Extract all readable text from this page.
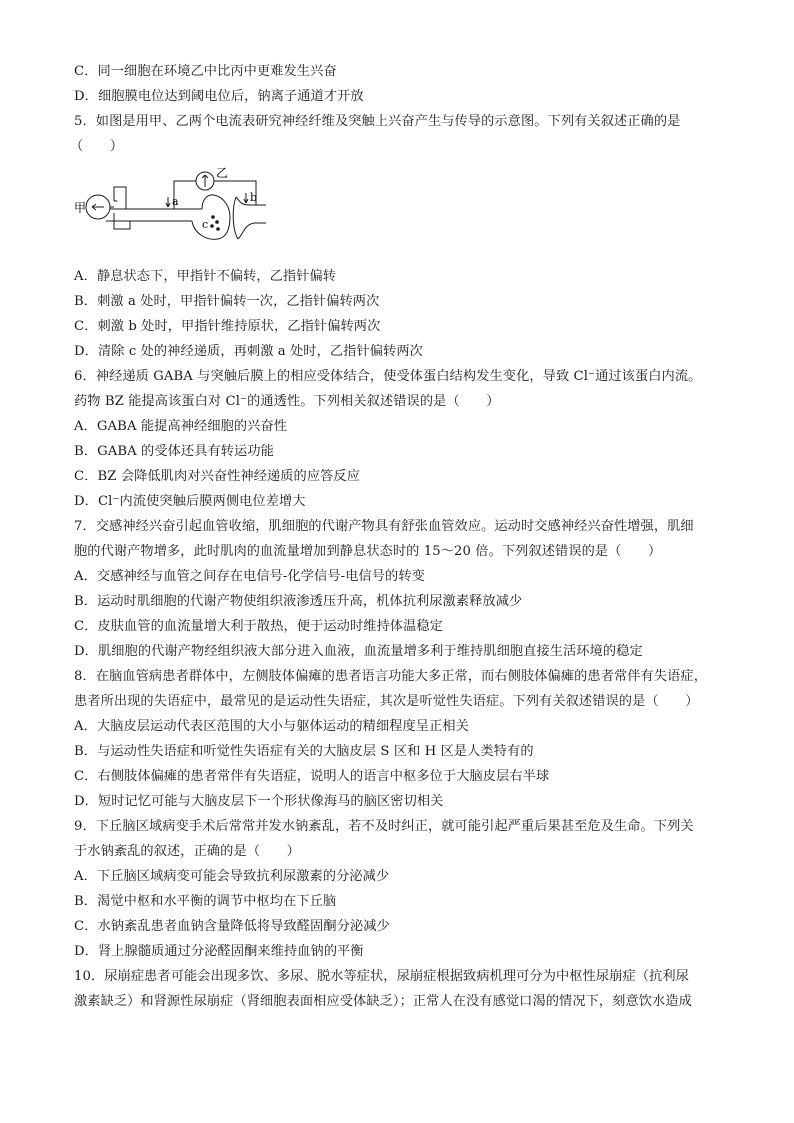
C．同一细胞在环境乙中比丙中更难发生兴奋
D．细胞膜电位达到阈电位后，钠离子通道才开放
5．如图是用甲、乙两个电流表研究神经纤维及突触上兴奋产生与传导的示意图。下列有关叙述正确的是
（　　）
甲
乙
a	b
c
A．静息状态下，甲指针不偏转，乙指针偏转
B．刺激 a 处时，甲指针偏转一次，乙指针偏转两次
C．刺激 b 处时，甲指针维持原状，乙指针偏转两次
D．清除 c 处的神经递质，再刺激 a 处时，乙指针偏转两次
6．神经递质 GABA 与突触后膜上的相应受体结合，使受体蛋白结构发生变化，导致 Cl⁻通过该蛋白内流。
药物 BZ 能提高该蛋白对 Cl⁻的通透性。下列相关叙述错误的是（　　）
A．GABA 能提高神经细胞的兴奋性
B．GABA 的受体还具有转运功能
C．BZ 会降低肌肉对兴奋性神经递质的应答反应
D．Cl⁻内流使突触后膜两侧电位差增大
7．交感神经兴奋引起血管收缩，肌细胞的代谢产物具有舒张血管效应。运动时交感神经兴奋性增强，肌细
胞的代谢产物增多，此时肌肉的血流量增加到静息状态时的 15～20 倍。下列叙述错误的是（　　）
A．交感神经与血管之间存在电信号-化学信号-电信号的转变
B．运动时肌细胞的代谢产物使组织液渗透压升高，机体抗利尿激素释放减少
C．皮肤血管的血流量增大利于散热，便于运动时维持体温稳定
D．肌细胞的代谢产物经组织液大部分进入血液，血流量增多利于维持肌细胞直接生活环境的稳定
8．在脑血管病患者群体中，左侧肢体偏瘫的患者语言功能大多正常，而右侧肢体偏瘫的患者常伴有失语症，
患者所出现的失语症中，最常见的是运动性失语症，其次是听觉性失语症。下列有关叙述错误的是（　　）
A．大脑皮层运动代表区范围的大小与躯体运动的精细程度呈正相关
B．与运动性失语症和听觉性失语症有关的大脑皮层 S 区和 H 区是人类特有的
C．右侧肢体偏瘫的患者常伴有失语症，说明人的语言中枢多位于大脑皮层右半球
D．短时记忆可能与大脑皮层下一个形状像海马的脑区密切相关
9．下丘脑区域病变手术后常常并发水钠紊乱，若不及时纠正，就可能引起严重后果甚至危及生命。下列关
于水钠紊乱的叙述，正确的是（　　）
A．下丘脑区域病变可能会导致抗利尿激素的分泌减少
B．渴觉中枢和水平衡的调节中枢均在下丘脑
C．水钠紊乱患者血钠含量降低将导致醛固酮分泌减少
D．肾上腺髓质通过分泌醛固酮来维持血钠的平衡
10．尿崩症患者可能会出现多饮、多尿、脱水等症状，尿崩症根据致病机理可分为中枢性尿崩症（抗利尿
激素缺乏）和肾源性尿崩症（肾细胞表面相应受体缺乏）；正常人在没有感觉口渴的情况下，刻意饮水造成
